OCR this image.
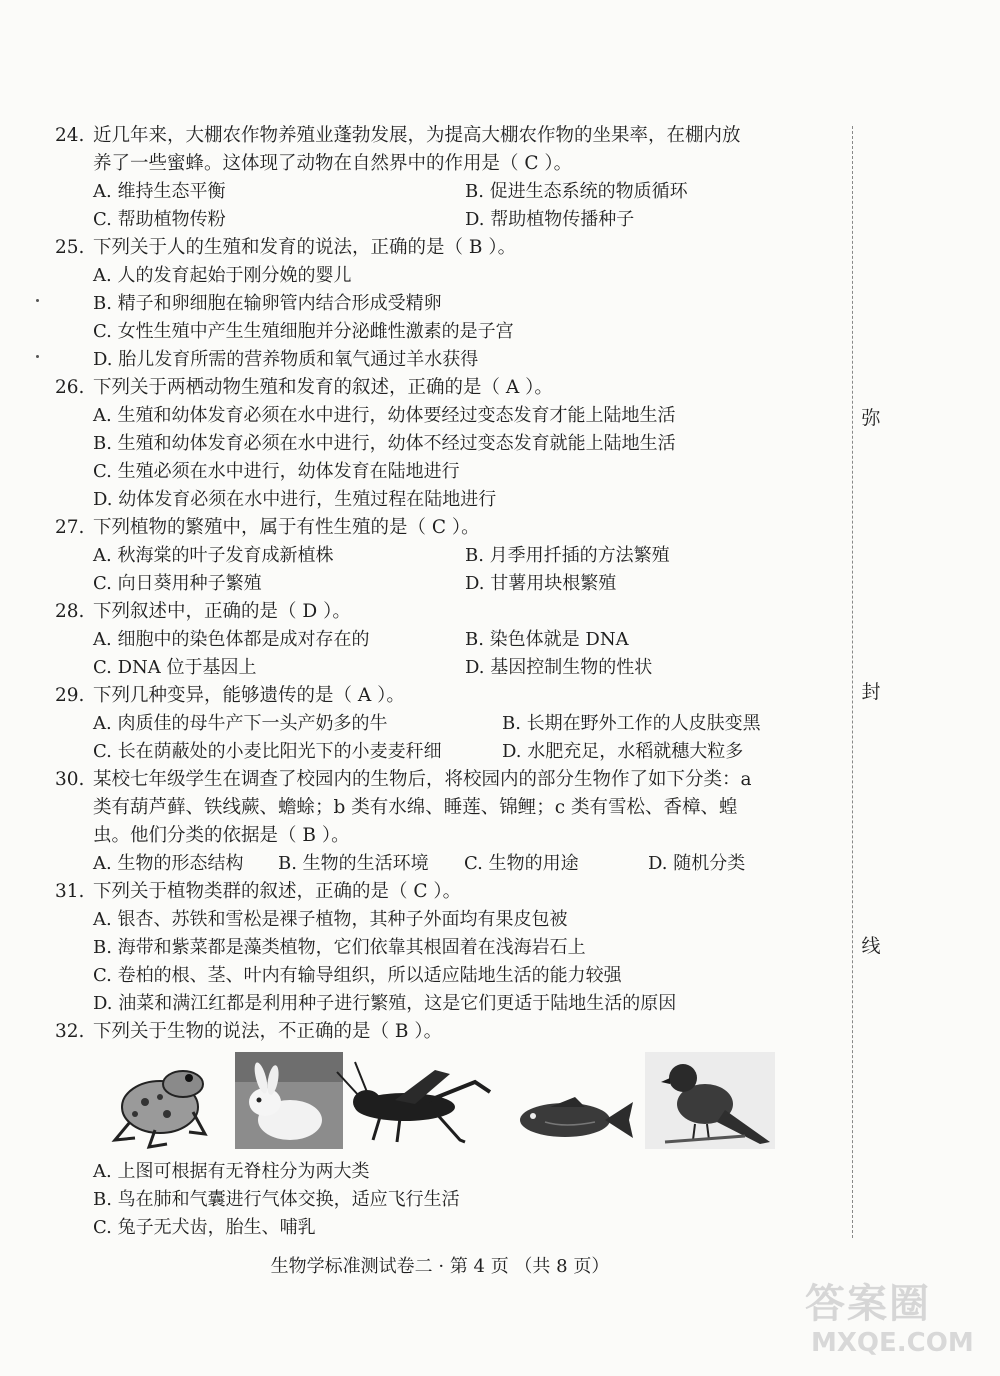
24. 近几年来，大棚农作物养殖业蓬勃发展，为提高大棚农作物的坐果率，在棚内放
养了一些蜜蜂。这体现了动物在自然界中的作用是（ C ）。
A. 维持生态平衡	B. 促进生态系统的物质循环
C. 帮助植物传粉	D. 帮助植物传播种子
25. 下列关于人的生殖和发育的说法，正确的是（ B ）。
A. 人的发育起始于刚分娩的婴儿
B. 精子和卵细胞在输卵管内结合形成受精卵
C. 女性生殖中产生生殖细胞并分泌雌性激素的是子宫
D. 胎儿发育所需的营养物质和氧气通过羊水获得
26. 下列关于两栖动物生殖和发育的叙述，正确的是（ A ）。
A. 生殖和幼体发育必须在水中进行，幼体要经过变态发育才能上陆地生活
B. 生殖和幼体发育必须在水中进行，幼体不经过变态发育就能上陆地生活
C. 生殖必须在水中进行，幼体发育在陆地进行
D. 幼体发育必须在水中进行，生殖过程在陆地进行
27. 下列植物的繁殖中，属于有性生殖的是（ C ）。
A. 秋海棠的叶子发育成新植株	B. 月季用扦插的方法繁殖
C. 向日葵用种子繁殖	D. 甘薯用块根繁殖
28. 下列叙述中，正确的是（ D ）。
A. 细胞中的染色体都是成对存在的	B. 染色体就是 DNA
C. DNA 位于基因上	D. 基因控制生物的性状
29. 下列几种变异，能够遗传的是（ A ）。
A. 肉质佳的母牛产下一头产奶多的牛	B. 长期在野外工作的人皮肤变黑
C. 长在荫蔽处的小麦比阳光下的小麦麦秆细	D. 水肥充足，水稻就穗大粒多
30. 某校七年级学生在调查了校园内的生物后，将校园内的部分生物作了如下分类：a
类有葫芦藓、铁线蕨、蟾蜍；b 类有水绵、睡莲、锦鲤；c 类有雪松、香樟、蝗
虫。他们分类的依据是（ B ）。
A. 生物的形态结构 B. 生物的生活环境 C. 生物的用途	D. 随机分类
31. 下列关于植物类群的叙述，正确的是（ C ）。
A. 银杏、苏铁和雪松是裸子植物，其种子外面均有果皮包被
B. 海带和紫菜都是藻类植物，它们依靠其根固着在浅海岩石上
C. 卷柏的根、茎、叶内有输导组织，所以适应陆地生活的能力较强
D. 油菜和满江红都是利用种子进行繁殖，这是它们更适于陆地生活的原因
32. 下列关于生物的说法，不正确的是（ B ）。
A. 上图可根据有无脊柱分为两大类
B. 鸟在肺和气囊进行气体交换，适应飞行生活
C. 兔子无犬齿，胎生、哺乳
弥
封
线
生物学标准测试卷二 · 第 4 页 （共 8 页）
答案圈
MXQE.COM
